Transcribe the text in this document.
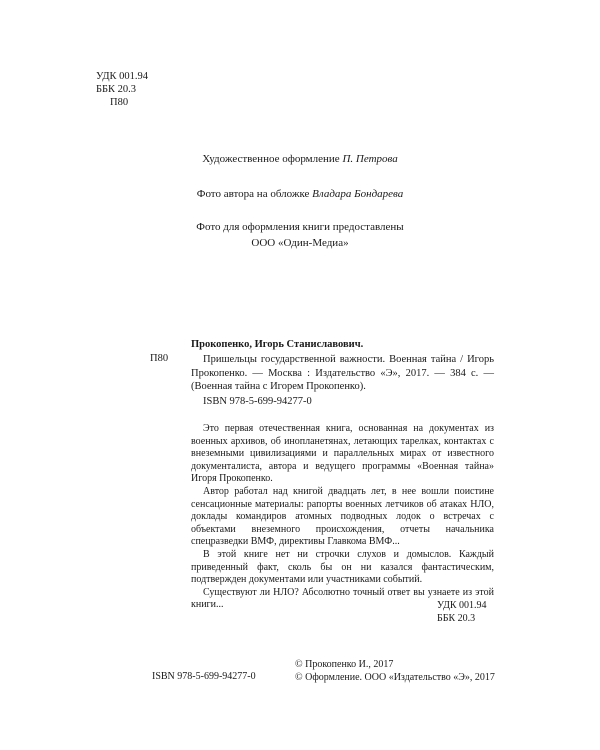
УДК 001.94
ББК 20.3
П80
Художественное оформление П. Петрова
Фото автора на обложке Владара Бондарева
Фото для оформления книги предоставлены
ООО «Один-Медиа»
Прокопенко, Игорь Станиславович.
П80	Пришельцы государственной важности. Военная тайна / Игорь Прокопенко. — Москва : Издательство «Э», 2017. — 384 с. — (Военная тайна с Игорем Прокопенко).
ISBN 978-5-699-94277-0

Это первая отечественная книга, основанная на документах из военных архивов, об инопланетянах, летающих тарелках, контактах с внеземными цивилизациями и параллельных мирах от известного документалиста, автора и ведущего программы «Военная тайна» Игоря Прокопенко.

Автор работал над книгой двадцать лет, в нее вошли поистине сенсационные материалы: рапорты военных летчиков об атаках НЛО, доклады командиров атомных подводных лодок о встречах с объектами внеземного происхождения, отчеты начальника спецразведки ВМФ, директивы Главкома ВМФ...

В этой книге нет ни строчки слухов и домыслов. Каждый приведенный факт, сколь бы он ни казался фантастическим, подтвержден документами или участниками событий.

Существуют ли НЛО? Абсолютно точный ответ вы узнаете из этой книги...	УДК 001.94
ББК 20.3
ISBN 978-5-699-94277-0
© Прокопенко И., 2017
© Оформление. ООО «Издательство «Э», 2017
